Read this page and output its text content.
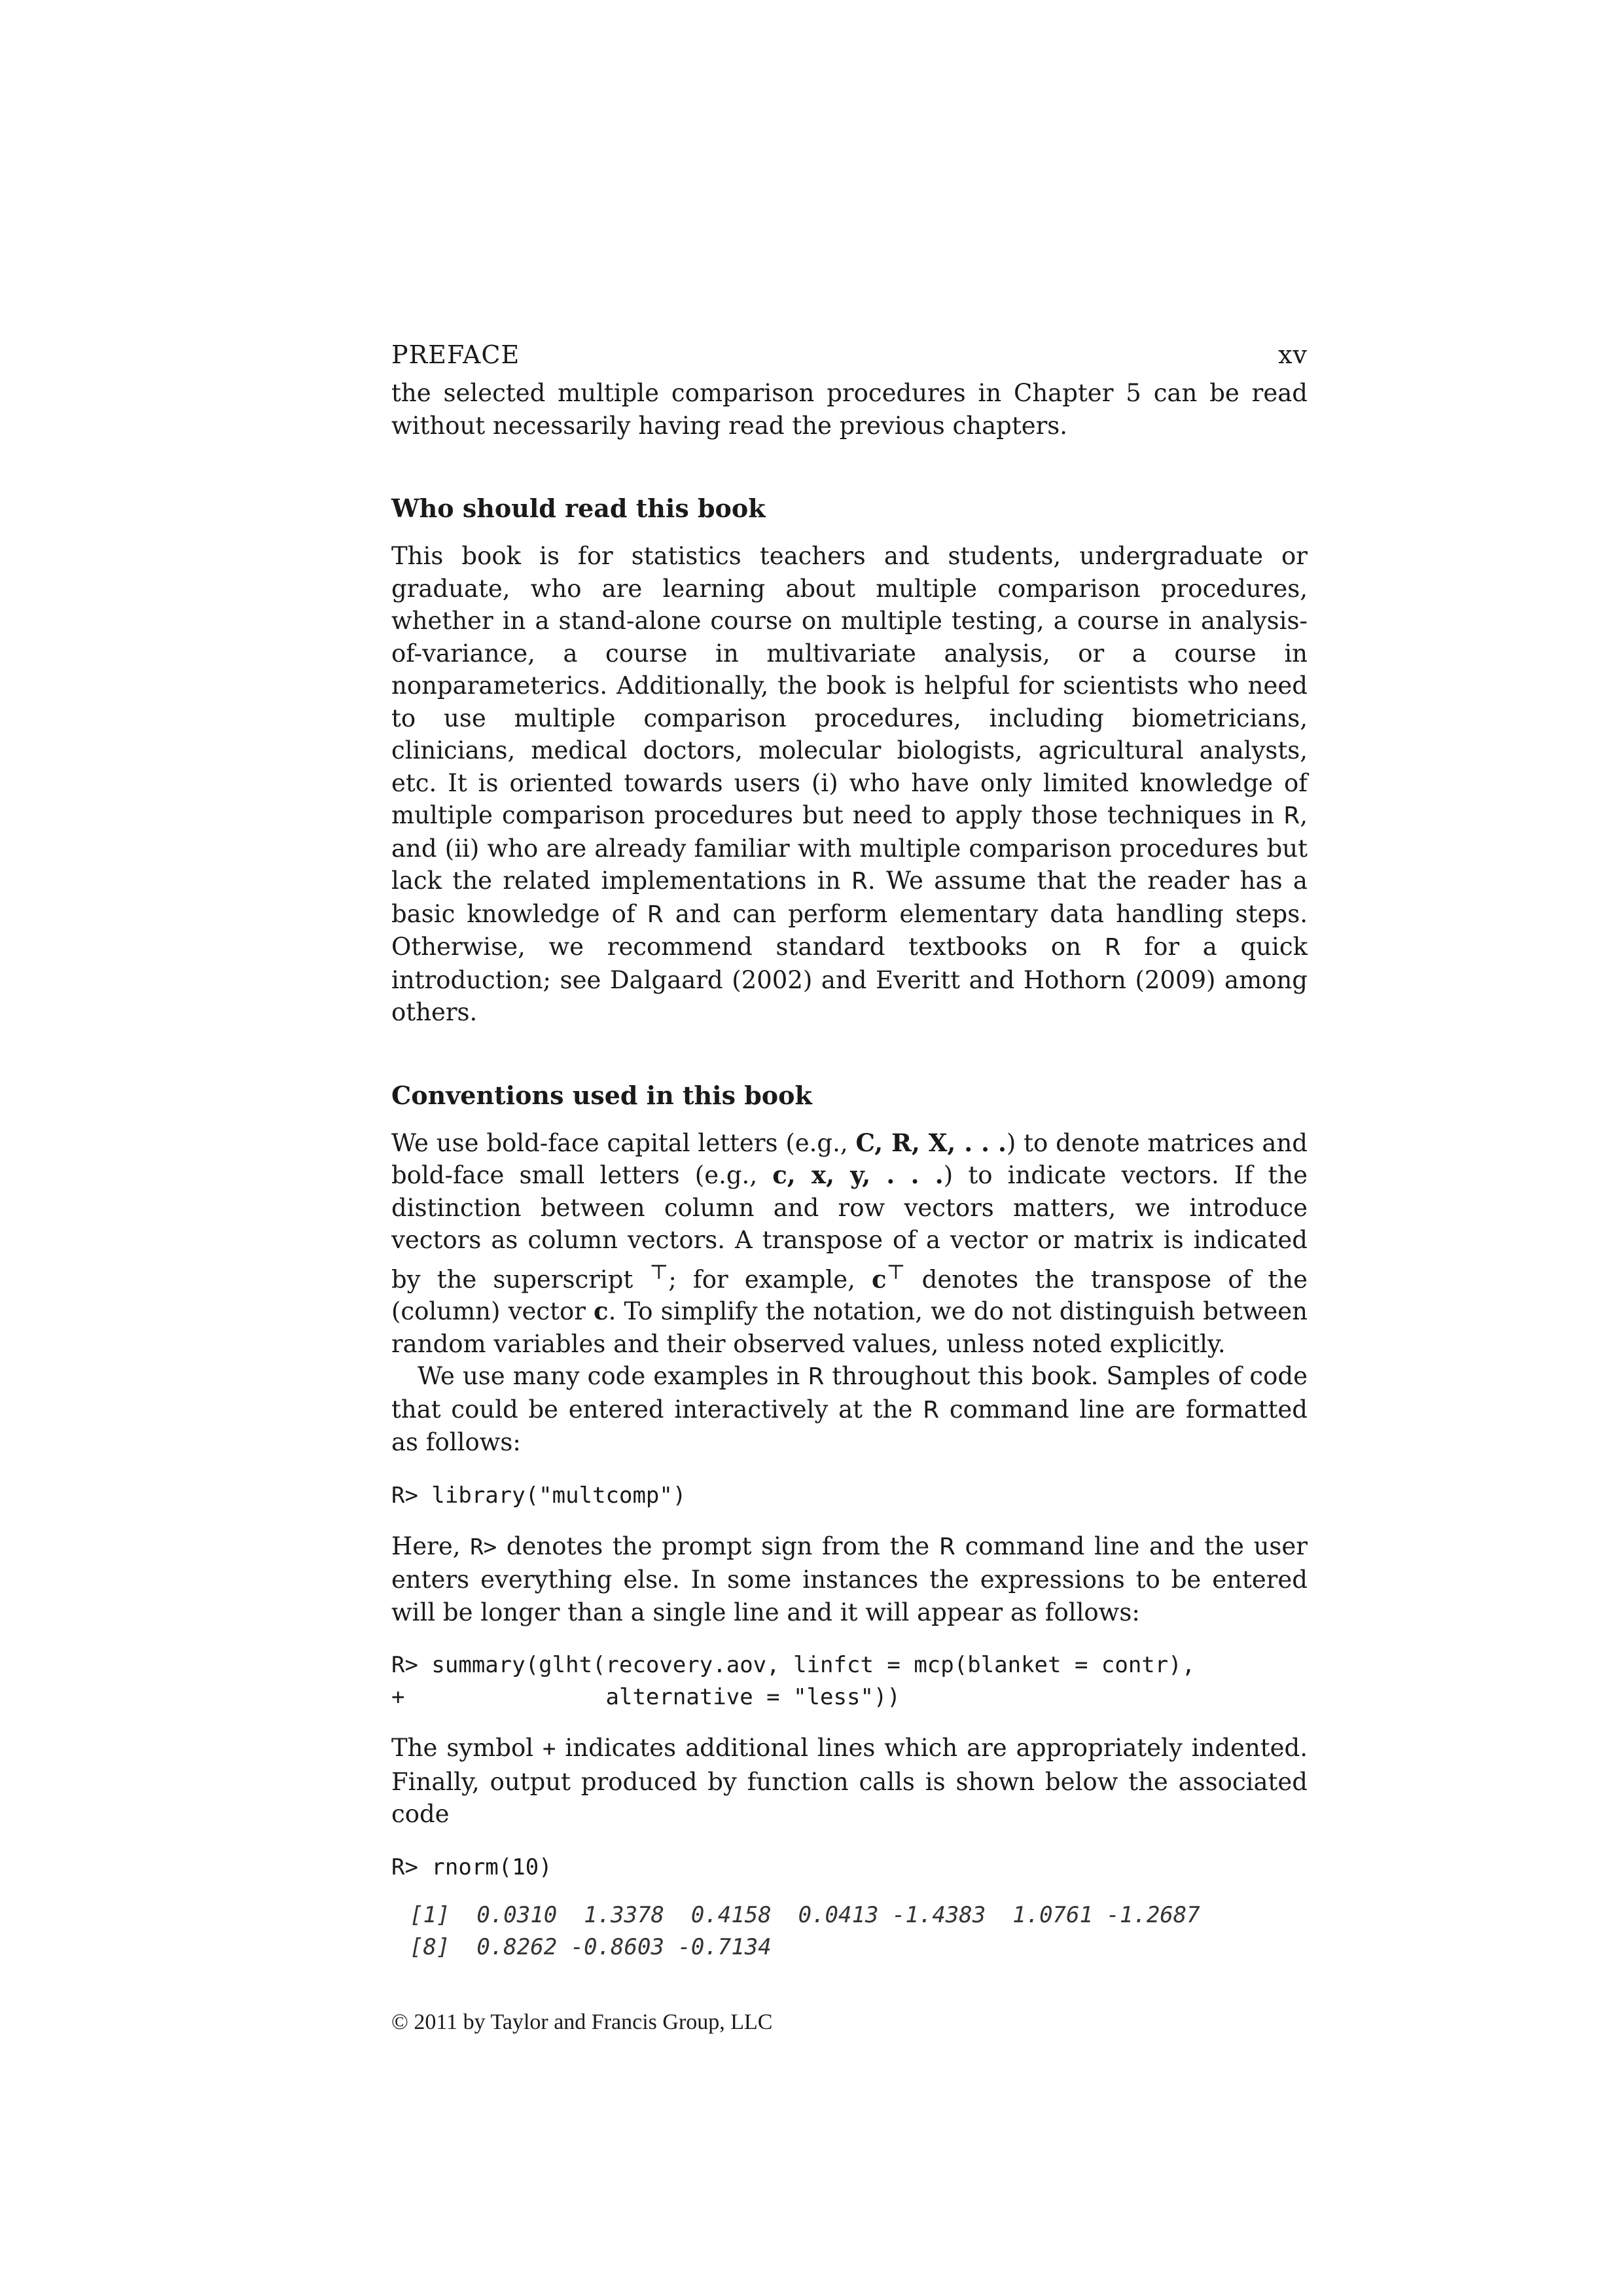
PREFACE	xv

the selected multiple comparison procedures in Chapter 5 can be read without necessarily having read the previous chapters.

Who should read this book

This book is for statistics teachers and students, undergraduate or graduate, who are learning about multiple comparison procedures, whether in a stand-alone course on multiple testing, a course in analysis-of-variance, a course in multivariate analysis, or a course in nonparameterics. Additionally, the book is helpful for scientists who need to use multiple comparison procedures, including biometricians, clinicians, medical doctors, molecular biologists, agricultural analysts, etc. It is oriented towards users (i) who have only limited knowledge of multiple comparison procedures but need to apply those techniques in R, and (ii) who are already familiar with multiple comparison procedures but lack the related implementations in R. We assume that the reader has a basic knowledge of R and can perform elementary data handling steps. Otherwise, we recommend standard textbooks on R for a quick introduction; see Dalgaard (2002) and Everitt and Hothorn (2009) among others.

Conventions used in this book

We use bold-face capital letters (e.g., C, R, X, . . .) to denote matrices and bold-face small letters (e.g., c, x, y, . . .) to indicate vectors. If the distinction between column and row vectors matters, we introduce vectors as column vectors. A transpose of a vector or matrix is indicated by the superscript ⊤; for example, c⊤ denotes the transpose of the (column) vector c. To simplify the notation, we do not distinguish between random variables and their observed values, unless noted explicitly.

We use many code examples in R throughout this book. Samples of code that could be entered interactively at the R command line are formatted as follows:

R> library("multcomp")

Here, R> denotes the prompt sign from the R command line and the user enters everything else. In some instances the expressions to be entered will be longer than a single line and it will appear as follows:

R> summary(glht(recovery.aov, linfct = mcp(blanket = contr),
+               alternative = "less"))

The symbol + indicates additional lines which are appropriately indented. Finally, output produced by function calls is shown below the associated code

R> rnorm(10)
[1]  0.0310  1.3378  0.4158  0.0413 -1.4383  1.0761 -1.2687
[8]  0.8262 -0.8603 -0.7134
© 2011 by Taylor and Francis Group, LLC
